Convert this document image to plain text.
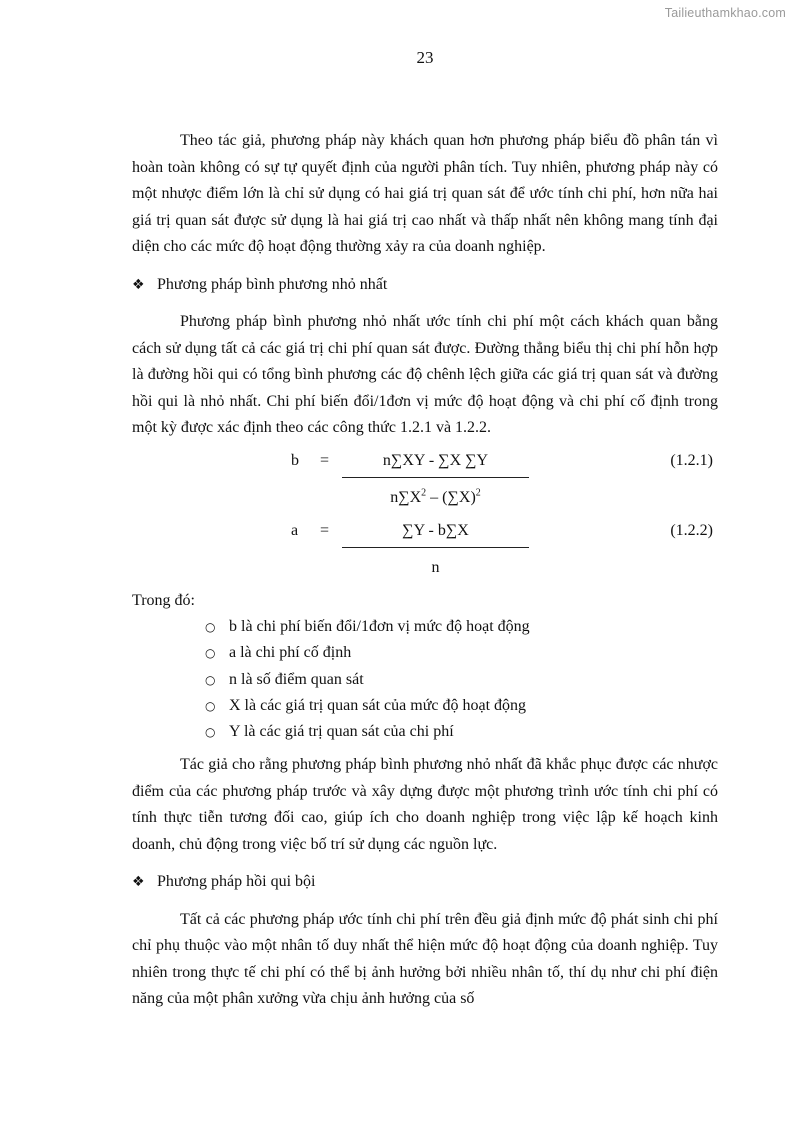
Tailieuthamkhao.com
23

Theo tác giả, phương pháp này khách quan hơn phương pháp biểu đồ phân tán vì hoàn toàn không có sự tự quyết định của người phân tích. Tuy nhiên, phương pháp này có một nhược điểm lớn là chỉ sử dụng có hai giá trị quan sát để ước tính chi phí, hơn nữa hai giá trị quan sát được sử dụng là hai giá trị cao nhất và thấp nhất nên không mang tính đại diện cho các mức độ hoạt động thường xảy ra của doanh nghiệp.

❖ Phương pháp bình phương nhỏ nhất

Phương pháp bình phương nhỏ nhất ước tính chi phí một cách khách quan bằng cách sử dụng tất cả các giá trị chi phí quan sát được. Đường thẳng biểu thị chi phí hỗn hợp là đường hồi qui có tổng bình phương các độ chênh lệch giữa các giá trị quan sát và đường hồi qui là nhỏ nhất. Chi phí biến đổi/1đơn vị mức độ hoạt động và chi phí cố định trong một kỳ được xác định theo các công thức 1.2.1 và 1.2.2.

b =	n∑XY - ∑X ∑Y	(1.2.1)
$n\sum X^2 - (\sum X)^2$
a =	∑Y - b∑X	(1.2.2)
n

Trong đó:

○ b là chi phí biến đổi/1đơn vị mức độ hoạt động
○ a là chi phí cố định
○ n là số điểm quan sát
○ X là các giá trị quan sát của mức độ hoạt động
○ Y là các giá trị quan sát của chi phí

Tác giả cho rằng phương pháp bình phương nhỏ nhất đã khắc phục được các nhược điểm của các phương pháp trước và xây dựng được một phương trình ước tính chi phí có tính thực tiễn tương đối cao, giúp ích cho doanh nghiệp trong việc lập kế hoạch kinh doanh, chủ động trong việc bố trí sử dụng các nguồn lực.

❖ Phương pháp hồi qui bội

Tất cả các phương pháp ước tính chi phí trên đều giả định mức độ phát sinh chi phí chỉ phụ thuộc vào một nhân tố duy nhất thể hiện mức độ hoạt động của doanh nghiệp. Tuy nhiên trong thực tế chi phí có thể bị ảnh hưởng bởi nhiều nhân tố, thí dụ như chi phí điện năng của một phân xưởng vừa chịu ảnh hưởng của số
